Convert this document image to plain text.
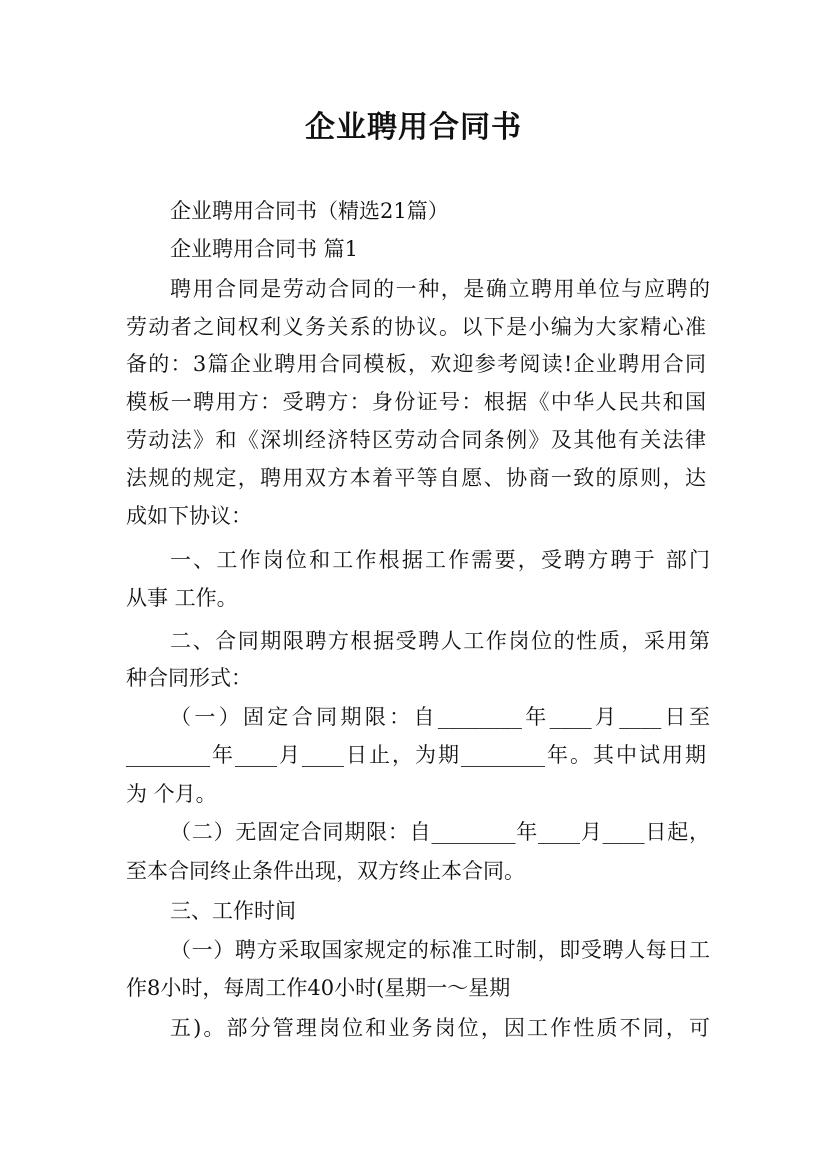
企业聘用合同书
企业聘用合同书（精选21篇）
企业聘用合同书 篇1
聘用合同是劳动合同的一种，是确立聘用单位与应聘的
劳动者之间权利义务关系的协议。以下是小编为大家精心准
备的：3篇企业聘用合同模板，欢迎参考阅读!企业聘用合同
模板一聘用方：受聘方：身份证号：根据《中华人民共和国
劳动法》和《深圳经济特区劳动合同条例》及其他有关法律
法规的规定，聘用双方本着平等自愿、协商一致的原则，达
成如下协议：
一、工作岗位和工作根据工作需要，受聘方聘于 部门
从事 工作。
二、合同期限聘方根据受聘人工作岗位的性质，采用第
种合同形式：
（一）固定合同期限：自________年____月____日至
________年____月____日止，为期________年。其中试用期
为 个月。
（二）无固定合同期限：自________年____月____日起，
至本合同终止条件出现，双方终止本合同。
三、工作时间
（一）聘方采取国家规定的标准工时制，即受聘人每日工
作8小时，每周工作40小时(星期一～星期
五)。部分管理岗位和业务岗位，因工作性质不同，可
